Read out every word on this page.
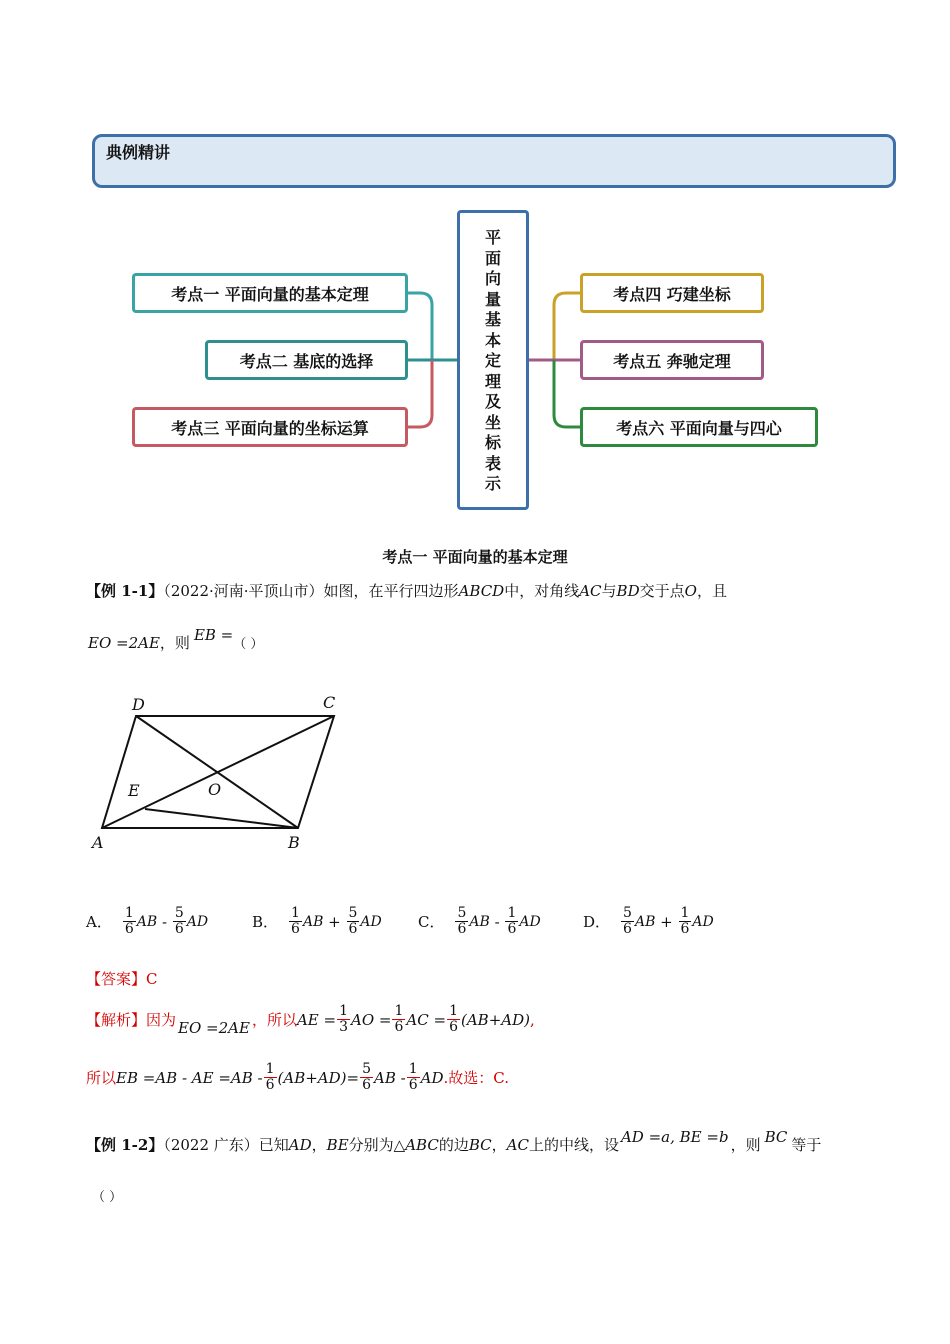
典例精讲
考点一 平面向量的基本定理
考点二 基底的选择
考点三 平面向量的坐标运算
考点四 巧建坐标
考点五 奔驰定理
考点六 平面向量与四心
平面向量基本定理及坐标表示
考点一 平面向量的基本定理
【例 1-1】（2022·河南·平顶山市）如图，在平行四边形ABCD中，对角线AC与BD交于点O，且
EO =2AE，则 EB =（ ）
A	B
C
D
E	O
A． $\frac{1}{6}$ AB
-
$\frac{5}{6}$ AD	B． $\frac{1}{6}$ AB
+
$\frac{5}{6}$ AD C． $\frac{5}{6}$ AB
-
$\frac{1}{6}$ AD	D． $\frac{5}{6}$ AB
+
$\frac{1}{6}$ AD
【答案】C
【解析】 因为 EO =2AE ，所以 AE = $\frac{1}{3}$ AO = $\frac{1}{6}$ AC = $\frac{1}{6} (AB+AD)$ ,
所以 EB =AB - AE $=AB - \frac{1}{6} (AB+AD)= \frac{5}{6}$ AB - $\frac{1}{6}$ AD .故选：C.
【例 1-2】（2022 广东）已知AD，BE分别为△ABC的边BC，AC上的中线，设 AD =a, BE =b ，则 BC 等于
（ ）
